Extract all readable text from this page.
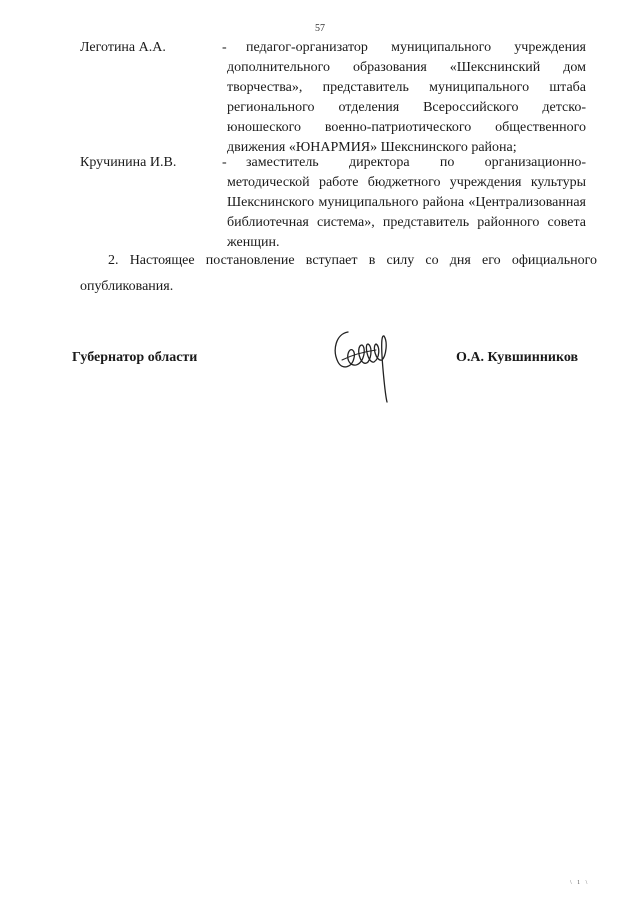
57
Леготина А.А.	-	педагог-организатор муниципального учреждения дополнительного образования «Шекснинский дом творчества», представитель муниципального штаба регионального отделения Всероссийского детско-юношеского военно-патриотического общественного движения «ЮНАРМИЯ» Шекснинского района;
Кручинина И.В.	-	заместитель директора по организационно-методической работе бюджетного учреждения культуры Шекснинского муниципального района «Централизованная библиотечная система», представитель районного совета женщин.
2. Настоящее постановление вступает в силу со дня его официального опубликования.
Губернатор области	О.А. Кувшинников
\ 1 \
